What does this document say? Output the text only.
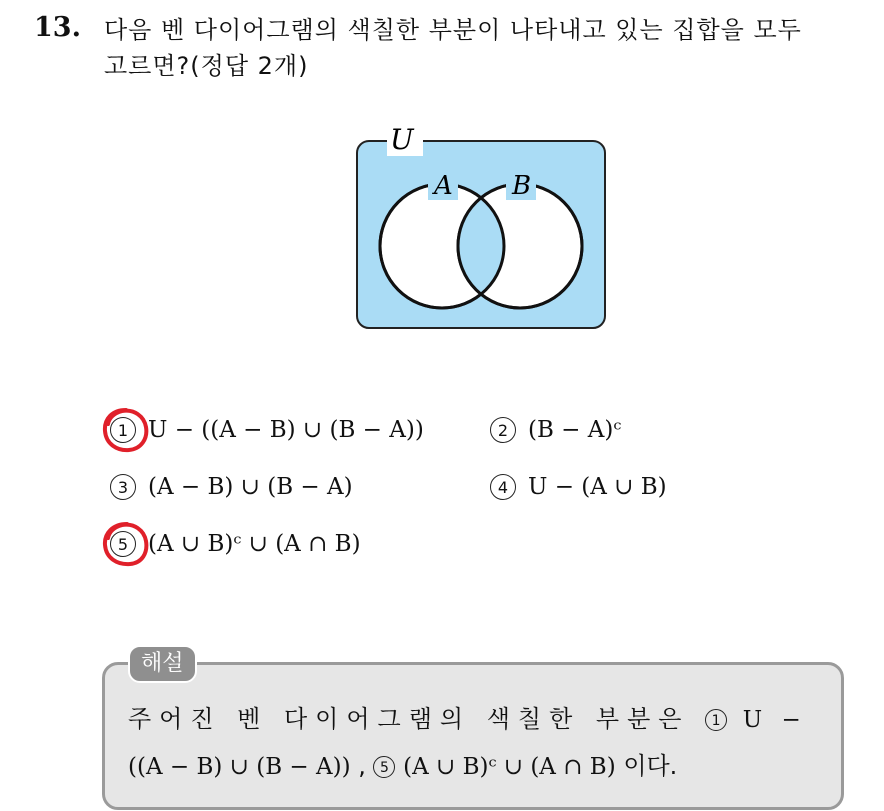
13. 다음 벤 다이어그램의 색칠한 부분이 나타내고 있는 집합을 모두
고르면?(정답 2개)
U
A B
1 U − ((A − B) ∪ (B − A))	2 (B − A)ᶜ
3 (A − B) ∪ (B − A)	4 U − (A ∪ B)
5 (A ∪ B)ᶜ ∪ (A ∩ B)
해설
주어진 벤 다이어그램의 색칠한 부분은 1 U −
((A − B) ∪ (B − A)) , 5 (A ∪ B)ᶜ ∪ (A ∩ B) 이다.
